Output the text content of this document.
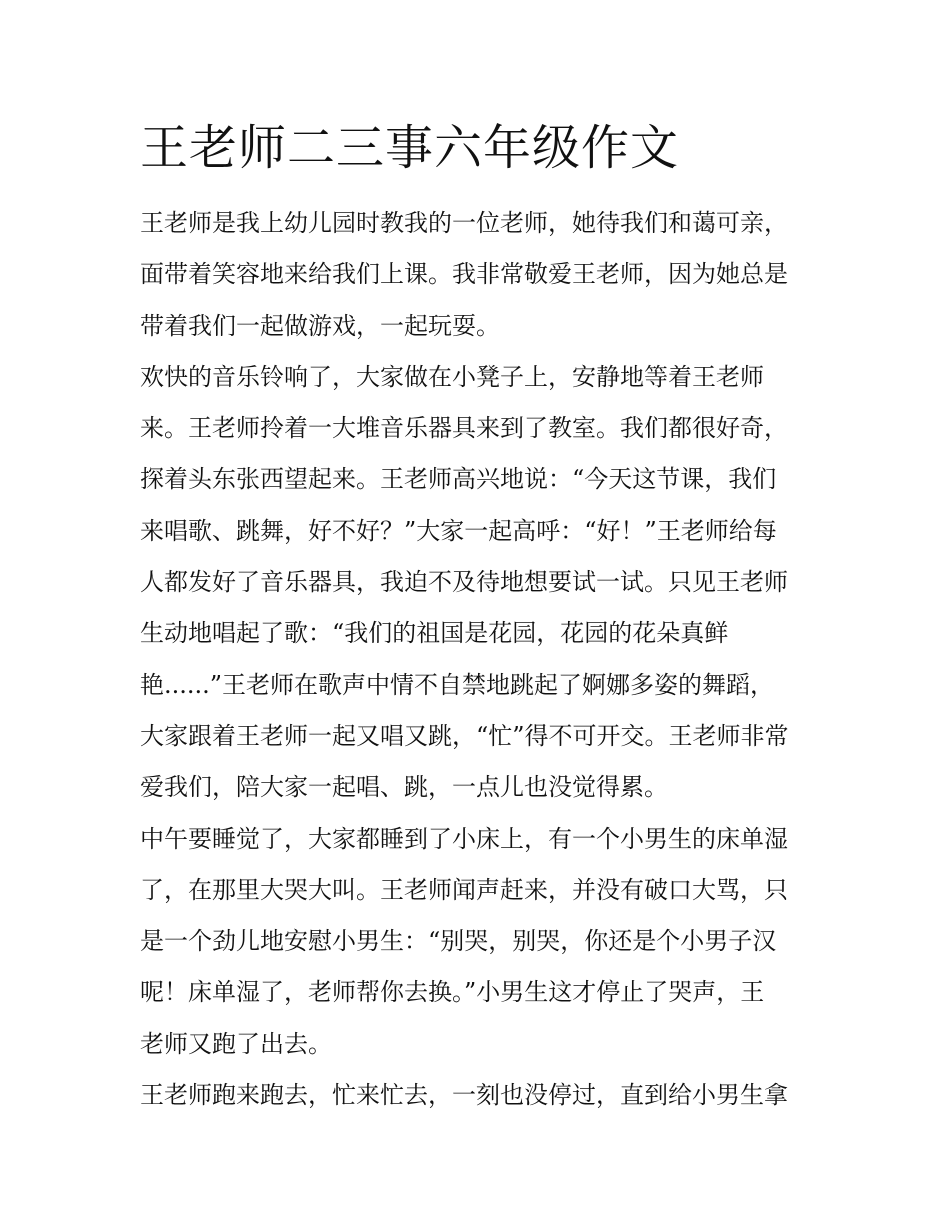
王老师二三事六年级作文
王老师是我上幼儿园时教我的一位老师，她待我们和蔼可亲，
面带着笑容地来给我们上课。我非常敬爱王老师，因为她总是
带着我们一起做游戏，一起玩耍。
欢快的音乐铃响了，大家做在小凳子上，安静地等着王老师
来。王老师拎着一大堆音乐器具来到了教室。我们都很好奇，
探着头东张西望起来。王老师高兴地说：“今天这节课，我们
来唱歌、跳舞，好不好？”大家一起高呼：“好！”王老师给每
人都发好了音乐器具，我迫不及待地想要试一试。只见王老师
生动地唱起了歌：“我们的祖国是花园，花园的花朵真鲜
艳......”王老师在歌声中情不自禁地跳起了婀娜多姿的舞蹈，
大家跟着王老师一起又唱又跳，“忙”得不可开交。王老师非常
爱我们，陪大家一起唱、跳，一点儿也没觉得累。
中午要睡觉了，大家都睡到了小床上，有一个小男生的床单湿
了，在那里大哭大叫。王老师闻声赶来，并没有破口大骂，只
是一个劲儿地安慰小男生：“别哭，别哭，你还是个小男子汉
呢！床单湿了，老师帮你去换。”小男生这才停止了哭声，王
老师又跑了出去。
王老师跑来跑去，忙来忙去，一刻也没停过，直到给小男生拿
